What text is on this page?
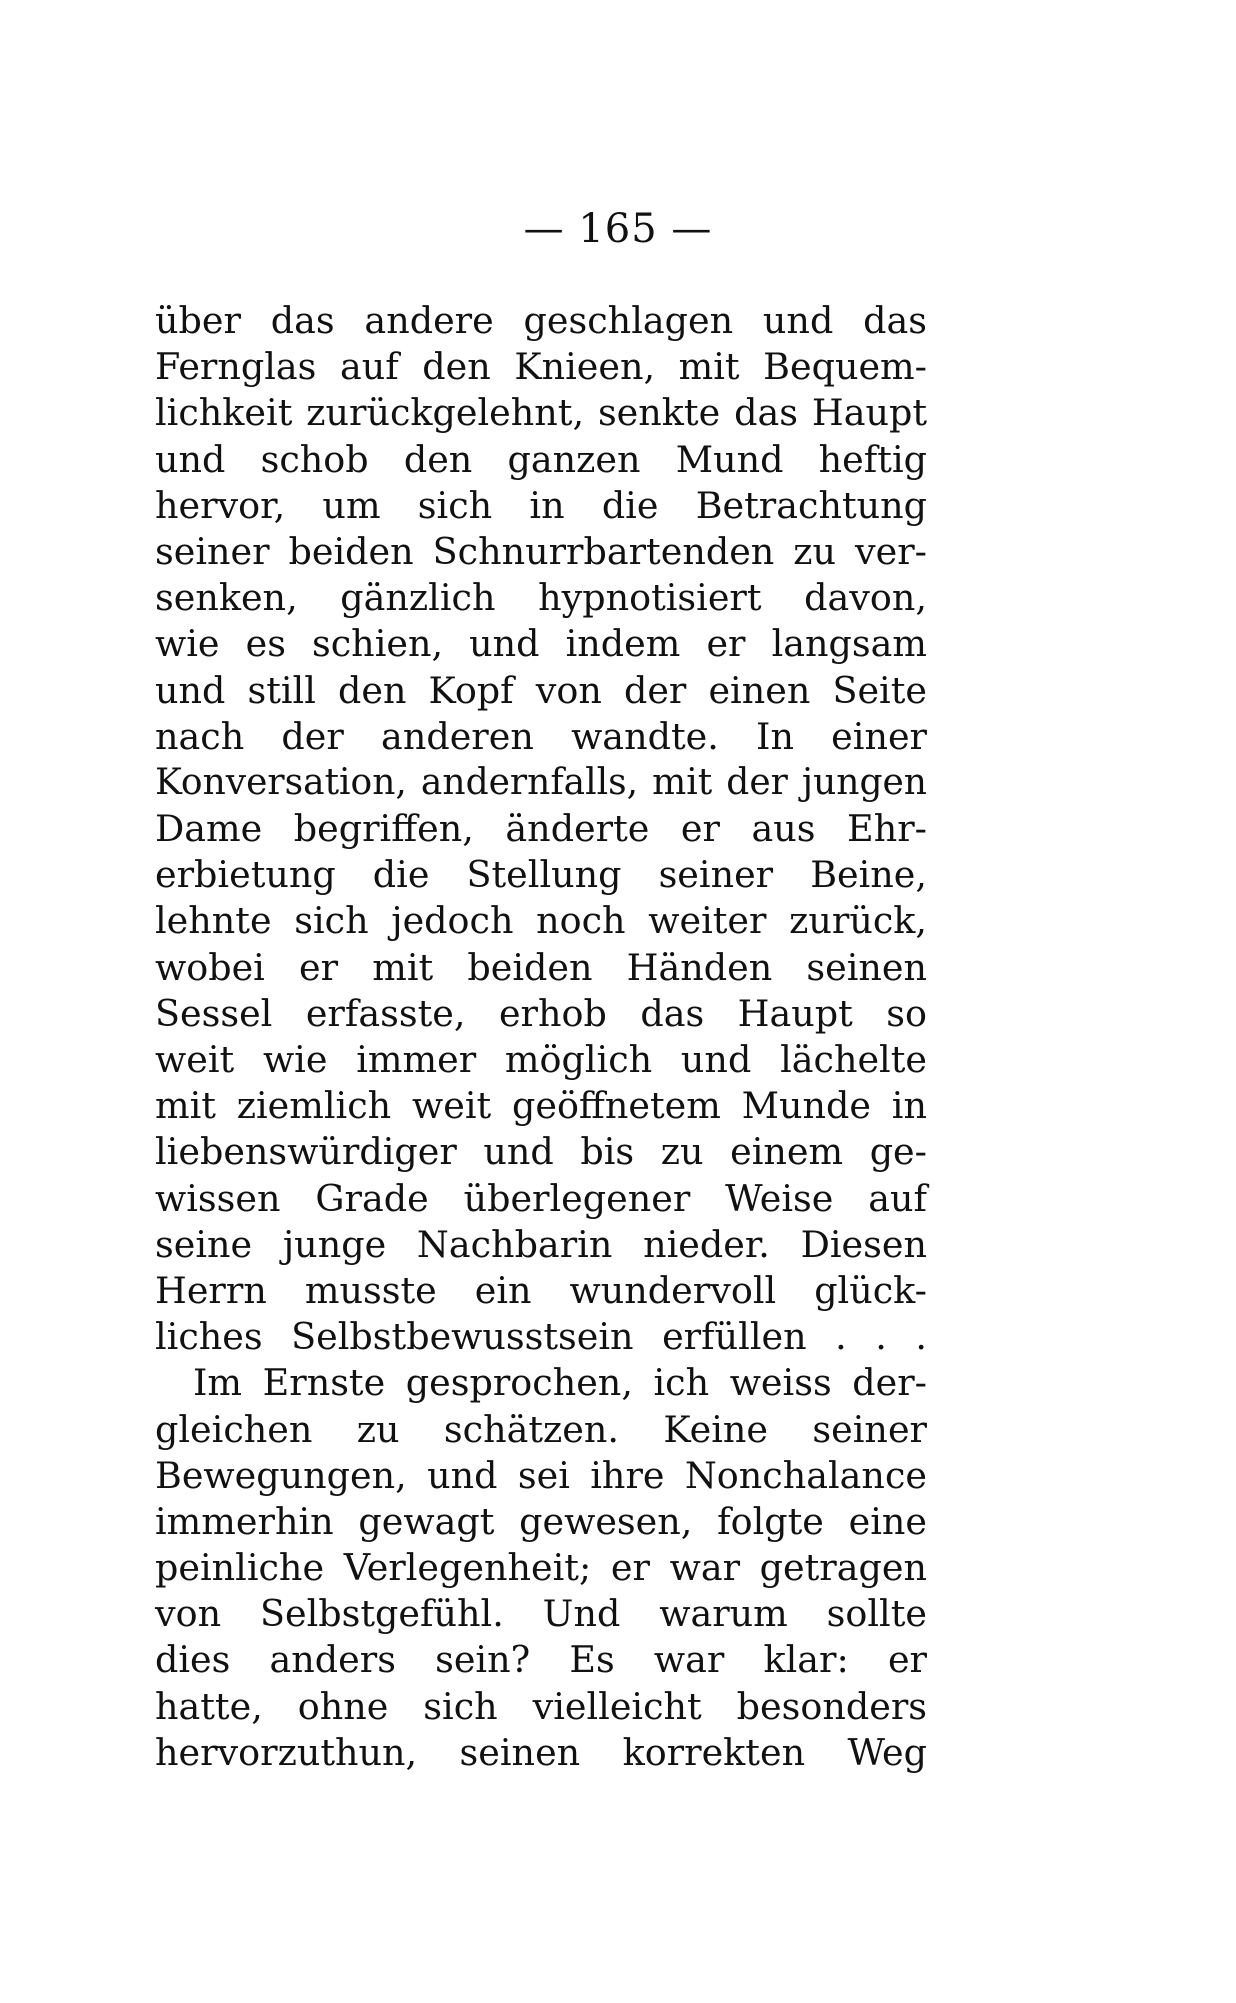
— 165 —
über das andere geschlagen und das
Fernglas auf den Knieen, mit Bequem-
lichkeit zurückgelehnt, senkte das Haupt
und schob den ganzen Mund heftig
hervor, um sich in die Betrachtung
seiner beiden Schnurrbartenden zu ver-
senken, gänzlich hypnotisiert davon,
wie es schien, und indem er langsam
und still den Kopf von der einen Seite
nach der anderen wandte. In einer
Konversation, andernfalls, mit der jungen
Dame begriffen, änderte er aus Ehr-
erbietung die Stellung seiner Beine,
lehnte sich jedoch noch weiter zurück,
wobei er mit beiden Händen seinen
Sessel erfasste, erhob das Haupt so
weit wie immer möglich und lächelte
mit ziemlich weit geöffnetem Munde in
liebenswürdiger und bis zu einem ge-
wissen Grade überlegener Weise auf
seine junge Nachbarin nieder. Diesen
Herrn musste ein wundervoll glück-
liches Selbstbewusstsein erfüllen . . .
Im Ernste gesprochen, ich weiss der-
gleichen zu schätzen. Keine seiner
Bewegungen, und sei ihre Nonchalance
immerhin gewagt gewesen, folgte eine
peinliche Verlegenheit; er war getragen
von Selbstgefühl. Und warum sollte
dies anders sein? Es war klar: er
hatte, ohne sich vielleicht besonders
hervorzuthun, seinen korrekten Weg
